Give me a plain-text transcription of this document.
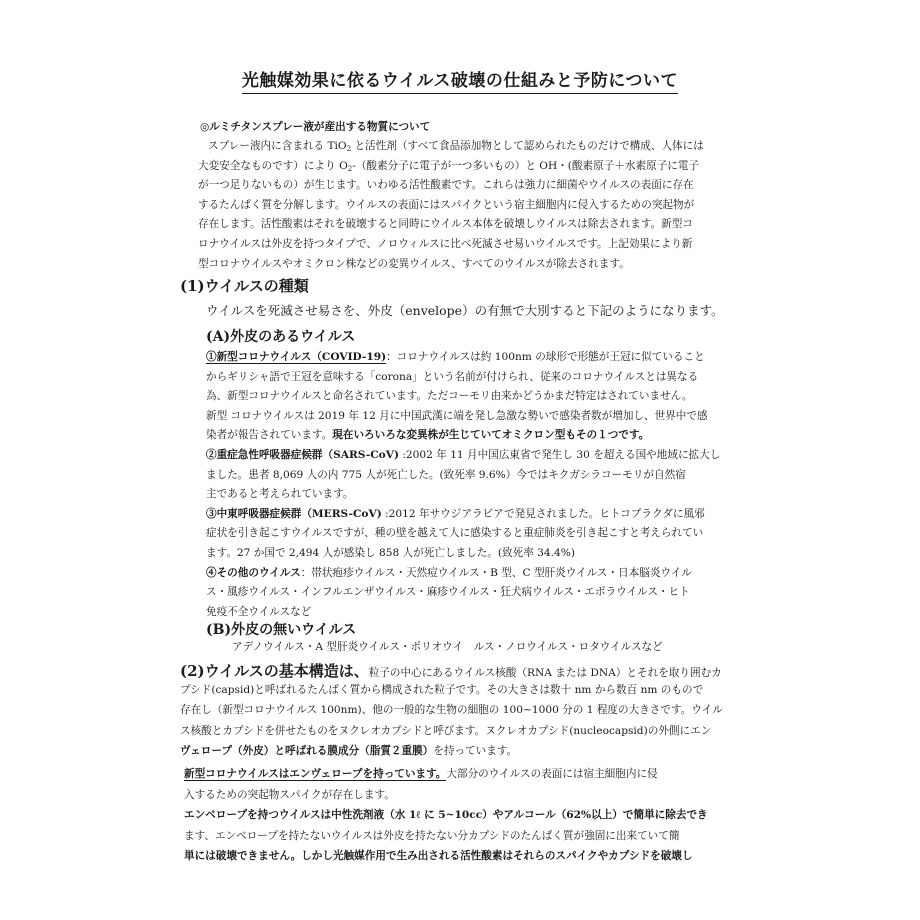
光触媒効果に依るウイルス破壊の仕組みと予防について
◎ルミチタンスプレー液が産出する物質について
スプレー液内に含まれる TiO$_2$ と活性剤（すべて食品添加物として認められたものだけで構成、人体には
大変安全なものです）により $O_2-$（酸素分子に電子が一つ多いもの）と OH・(酸素原子＋水素原子に電子
が一つ足りないもの）が生じます。いわゆる活性酸素です。これらは強力に細菌やウイルスの表面に存在
するたんぱく質を分解します。ウイルスの表面にはスパイクという宿主細胞内に侵入するための突起物が
存在します。活性酸素はそれを破壊すると同時にウイルス本体を破壊しウイルスは除去されます。新型コ
ロナウイルスは外皮を持つタイプで、ノロウィルスに比べ死滅させ易いウイルスです。上記効果により新
型コロナウイルスやオミクロン株などの変異ウイルス、すべてのウイルスが除去されます。
(1)ウイルスの種類
ウイルスを死滅させ易さを、外皮（envelope）の有無で大別すると下記のようになります。
(A)外皮のあるウイルス
①新型コロナウイルス（COVID-19)：コロナウイルスは約 100nm の球形で形態が王冠に似ていること
からギリシャ語で王冠を意味する「corona」という名前が付けられ、従来のコロナウイルスとは異なる
為、新型コロナウイルスと命名されています。ただコーモリ由来かどうかまだ特定はされていません。
新型 コロナウイルスは 2019 年 12 月に中国武漢に端を発し急激な勢いで感染者数が増加し、世界中で感
染者が報告されています。現在いろいろな変異株が生じていてオミクロン型もその１つです。
②重症急性呼吸器症候群（SARS-CoV) :2002 年 11 月中国広東省で発生し 30 を超える国や地域に拡大し
ました。患者 8,069 人の内 775 人が死亡した。(致死率 9.6%）今ではキクガシラコーモリが自然宿
主であると考えられています。
③中東呼吸器症候群（MERS-CoV) :2012 年サウジアラビアで発見されました。ヒトコブラクダに風邪
症状を引き起こすウイルスですが、種の壁を越えて人に感染すると重症肺炎を引き起こすと考えられてい
ます。27 か国で 2,494 人が感染し 858 人が死亡しました。(致死率 34.4%)
④その他のウイルス：帯状疱疹ウイルス・天然痘ウイルス・B 型、C 型肝炎ウイルス・日本脳炎ウイル
ス・風疹ウイルス・インフルエンザウイルス・麻疹ウイルス・狂犬病ウイルス・エボラウイルス・ヒト
免疫不全ウイルスなど
(B)外皮の無いウイルス
アデノウイルス・A 型肝炎ウイルス・ポリオウイ　ルス・ノロウイルス・ロタウイルスなど
(2)ウイルスの基本構造は、粒子の中心にあるウイルス核酸（RNA または DNA）とそれを取り囲むカ
プシド(capsid)と呼ばれるたんぱく質から構成された粒子です。その大きさは数十 nm から数百 nm のもので
存在し（新型コロナウイルス 100nm)、他の一般的な生物の細胞の 100~1000 分の 1 程度の大きさです。ウイル
ス核酸とカプシドを併せたものをヌクレオカプシドと呼びます。ヌクレオカプシド(nucleocapsid)の外側にエン
ヴェロープ（外皮）と呼ばれる膜成分（脂質２重膜）を持っています。
新型コロナウイルスはエンヴェロープを持っています。大部分のウイルスの表面には宿主細胞内に侵
入するための突起物スパイクが存在します。
エンベロープを持つウイルスは中性洗剤液（水 1ℓ に 5~10cc）やアルコール（62%以上）で簡単に除去でき
ます、エンベロープを持たないウイルスは外皮を持たない分カプシドのたんぱく質が強固に出来ていて簡
単には破壊できません。しかし光触媒作用で生み出される活性酸素はそれらのスパイクやカプシドを破壊し
